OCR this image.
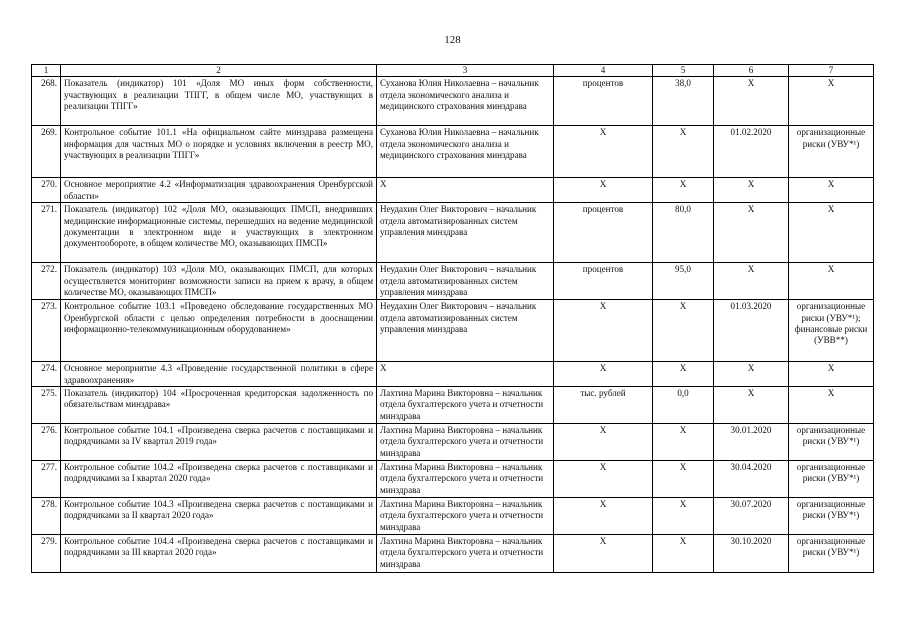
128
1	2	3	4	5	6	7
268.	Показатель (индикатор) 101 «Доля МО иных форм собственности, участвующих в реализации ТПГГ, в общем числе МО, участвующих в реализации ТПГГ»	Суханова Юлия Николаевна – начальник отдела экономического анализа и медицинского страхования минздрава	процентов	38,0	X	X
269.	Контрольное событие 101.1 «На официальном сайте минздрава размещена информация для частных МО о порядке и условиях включения в реестр МО, участвующих в реализации ТПГГ»	Суханова Юлия Николаевна – начальник отдела экономического анализа и медицинского страхования минздрава	X	X	01.02.2020	организационные риски (УВУ*¹)
270.	Основное мероприятие 4.2 «Информатизация здравоохранения Оренбургской области»	X	X	X	X	X
271.	Показатель (индикатор) 102 «Доля МО, оказывающих ПМСП, внедривших медицинские информационные системы, перешедших на ведение медицинской документации в электронном виде и участвующих в электронном документообороте, в общем количестве МО, оказывающих ПМСП»	Неудахин Олег Викторович – начальник отдела автоматизированных систем управления минздрава	процентов	80,0	X	X
272.	Показатель (индикатор) 103 «Доля МО, оказывающих ПМСП, для которых осуществляется мониторинг возможности записи на прием к врачу, в общем количестве МО, оказывающих ПМСП»	Неудахин Олег Викторович – начальник отдела автоматизированных систем управления минздрава	процентов	95,0	X	X
273.	Контрольное событие 103.1 «Проведено обследование государственных МО Оренбургской области с целью определения потребности в дооснащении информационно-телекоммуникационным оборудованием»	Неудахин Олег Викторович – начальник отдела автоматизированных систем управления минздрава	X	X	01.03.2020	организационные риски (УВУ*¹); финансовые риски (УВВ**)
274.	Основное мероприятие 4.3 «Проведение государственной политики в сфере здравоохранения»	X	X	X	X	X
275.	Показатель (индикатор) 104 «Просроченная кредиторская задолженность по обязательствам минздрава»	Лахтина Марина Викторовна – начальник отдела бухгалтерского учета и отчетности минздрава	тыс. рублей	0,0	X	X
276.	Контрольное событие 104.1 «Произведена сверка расчетов с поставщиками и подрядчиками за IV квартал 2019 года»	Лахтина Марина Викторовна – начальник отдела бухгалтерского учета и отчетности минздрава	X	X	30.01.2020	организационные риски (УВУ*¹)
277.	Контрольное событие 104.2 «Произведена сверка расчетов с поставщиками и подрядчиками за I квартал 2020 года»	Лахтина Марина Викторовна – начальник отдела бухгалтерского учета и отчетности минздрава	X	X	30.04.2020	организационные риски (УВУ*¹)
278.	Контрольное событие 104.3 «Произведена сверка расчетов с поставщиками и подрядчиками за II квартал 2020 года»	Лахтина Марина Викторовна – начальник отдела бухгалтерского учета и отчетности минздрава	X	X	30.07.2020	организационные риски (УВУ*¹)
279.	Контрольное событие 104.4 «Произведена сверка расчетов с поставщиками и подрядчиками за III квартал 2020 года»	Лахтина Марина Викторовна – начальник отдела бухгалтерского учета и отчетности минздрава	X	X	30.10.2020	организационные риски (УВУ*¹)
